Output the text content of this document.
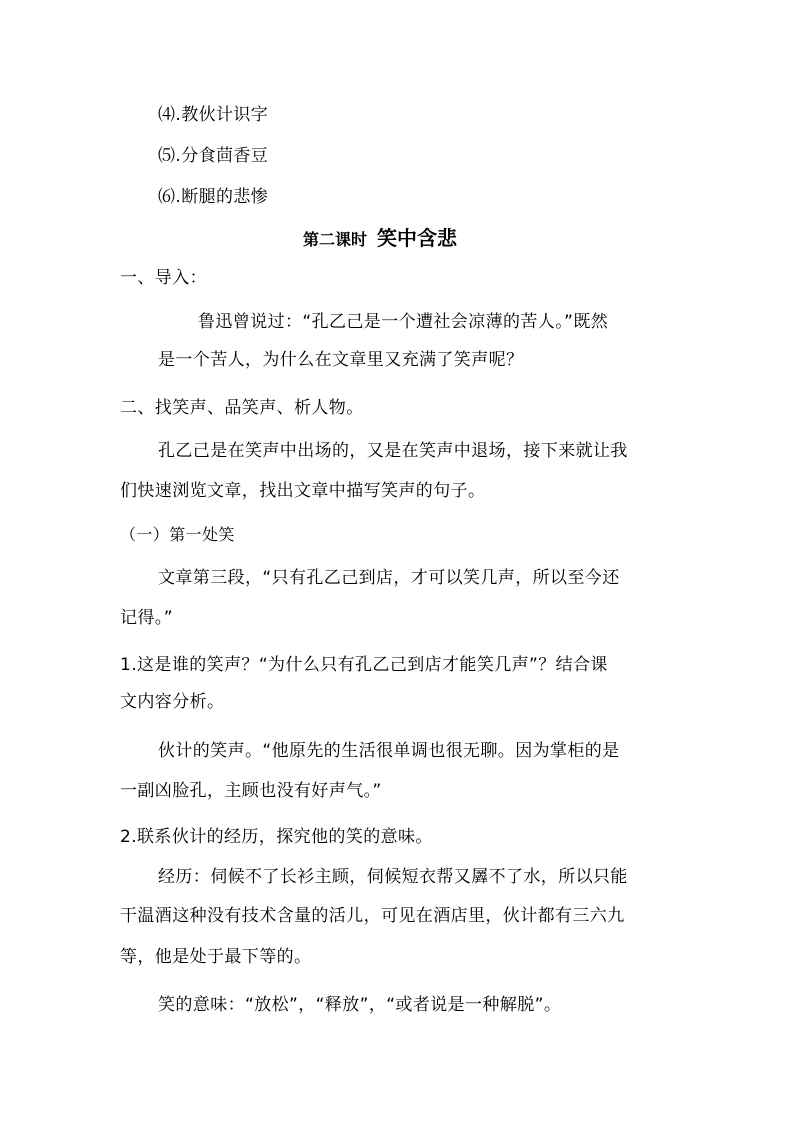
⑷.教伙计识字
⑸.分食茴香豆
⑹.断腿的悲惨
第二课时 笑中含悲
一、导入：
鲁迅曾说过：“孔乙己是一个遭社会凉薄的苦人。”既然
是一个苦人，为什么在文章里又充满了笑声呢？
二、找笑声、品笑声、析人物。
孔乙己是在笑声中出场的，又是在笑声中退场，接下来就让我
们快速浏览文章，找出文章中描写笑声的句子。
（一）第一处笑
文章第三段，“只有孔乙己到店，才可以笑几声，所以至今还
记得。”
1.这是谁的笑声？“为什么只有孔乙己到店才能笑几声”？结合课
文内容分析。
伙计的笑声。“他原先的生活很单调也很无聊。因为掌柜的是
一副凶脸孔，主顾也没有好声气。”
2.联系伙计的经历，探究他的笑的意味。
经历：伺候不了长衫主顾，伺候短衣帮又羼不了水，所以只能
干温酒这种没有技术含量的活儿，可见在酒店里，伙计都有三六九
等，他是处于最下等的。
笑的意味：“放松”，“释放”，“或者说是一种解脱”。
